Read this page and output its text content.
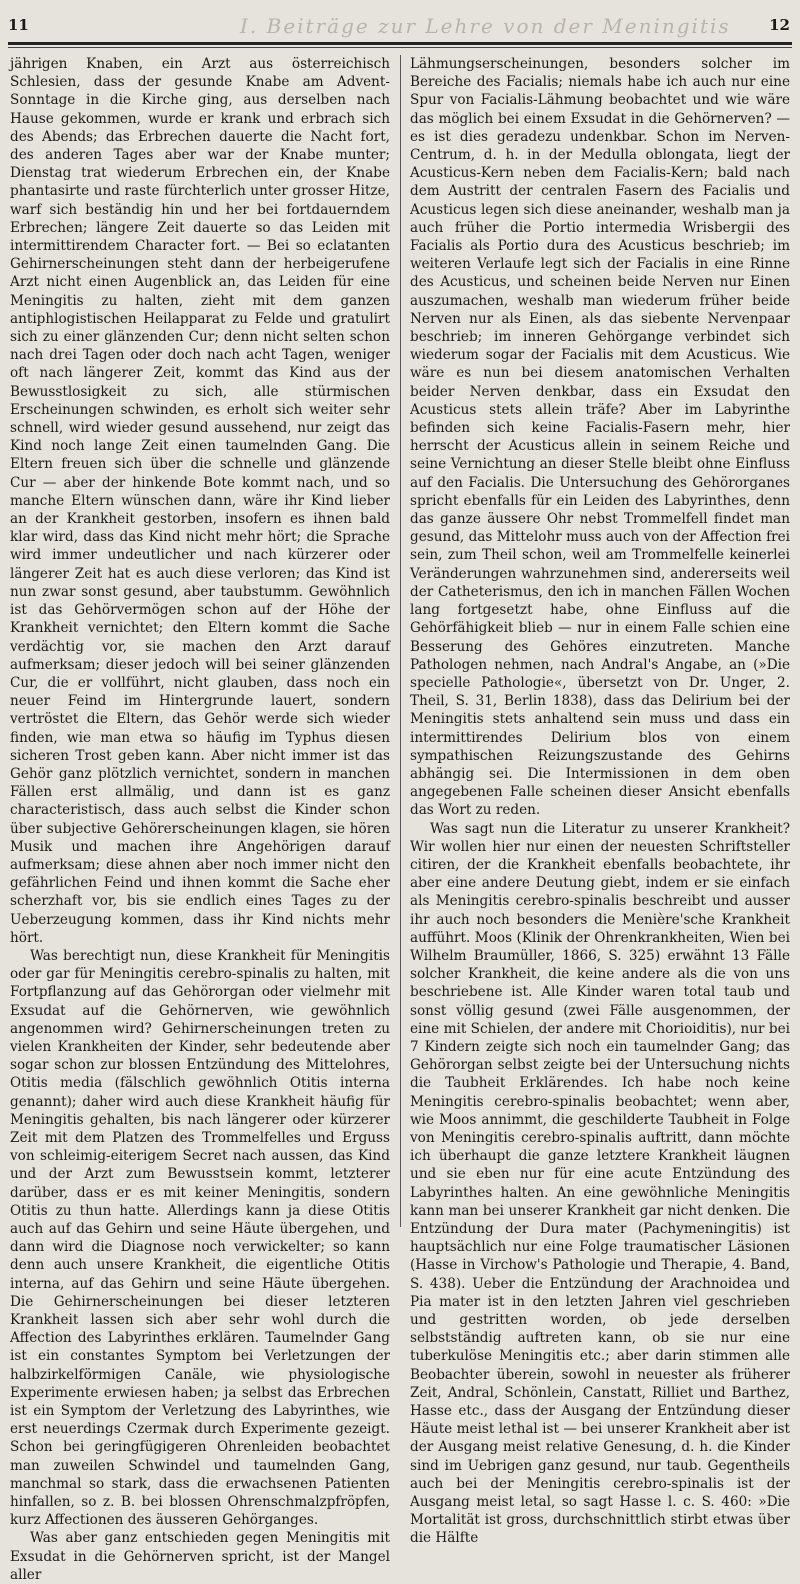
11	I. Beiträge zur Lehre von der Meningitis	12

jährigen Knaben, ein Arzt aus österreichisch Schlesien, dass der gesunde Knabe am Advent-Sonntage in die Kirche ging, aus derselben nach Hause gekommen, wurde er krank und erbrach sich des Abends; das Erbrechen dauerte die Nacht fort, des anderen Tages aber war der Knabe munter; Dienstag trat wiederum Erbrechen ein, der Knabe phantasirte und raste fürchterlich unter grosser Hitze, warf sich beständig hin und her bei fortdauerndem Erbrechen; längere Zeit dauerte so das Leiden mit intermittirendem Character fort. — Bei so eclatanten Gehirnerscheinungen steht dann der herbeigerufene Arzt nicht einen Augenblick an, das Leiden für eine Meningitis zu halten, zieht mit dem ganzen antiphlogistischen Heilapparat zu Felde und gratulirt sich zu einer glänzenden Cur; denn nicht selten schon nach drei Tagen oder doch nach acht Tagen, weniger oft nach längerer Zeit, kommt das Kind aus der Bewusstlosigkeit zu sich, alle stürmischen Erscheinungen schwinden, es erholt sich weiter sehr schnell, wird wieder gesund aussehend, nur zeigt das Kind noch lange Zeit einen taumelnden Gang. Die Eltern freuen sich über die schnelle und glänzende Cur — aber der hinkende Bote kommt nach, und so manche Eltern wünschen dann, wäre ihr Kind lieber an der Krankheit gestorben, insofern es ihnen bald klar wird, dass das Kind nicht mehr hört; die Sprache wird immer undeutlicher und nach kürzerer oder längerer Zeit hat es auch diese verloren; das Kind ist nun zwar sonst gesund, aber taubstumm. Gewöhnlich ist das Gehörvermögen schon auf der Höhe der Krankheit vernichtet; den Eltern kommt die Sache verdächtig vor, sie machen den Arzt darauf aufmerksam; dieser jedoch will bei seiner glänzenden Cur, die er vollführt, nicht glauben, dass noch ein neuer Feind im Hintergrunde lauert, sondern vertröstet die Eltern, das Gehör werde sich wieder finden, wie man etwa so häufig im Typhus diesen sicheren Trost geben kann. Aber nicht immer ist das Gehör ganz plötzlich vernichtet, sondern in manchen Fällen erst allmälig, und dann ist es ganz characteristisch, dass auch selbst die Kinder schon über subjective Gehörerscheinungen klagen, sie hören Musik und machen ihre Angehörigen darauf aufmerksam; diese ahnen aber noch immer nicht den gefährlichen Feind und ihnen kommt die Sache eher scherzhaft vor, bis sie endlich eines Tages zu der Ueberzeugung kommen, dass ihr Kind nichts mehr hört.

Was berechtigt nun, diese Krankheit für Meningitis oder gar für Meningitis cerebro-spinalis zu halten, mit Fortpflanzung auf das Gehörorgan oder vielmehr mit Exsudat auf die Gehörnerven, wie gewöhnlich angenommen wird? Gehirnerscheinungen treten zu vielen Krankheiten der Kinder, sehr bedeutende aber sogar schon zur blossen Entzündung des Mittelohres, Otitis media (fälschlich gewöhnlich Otitis interna genannt); daher wird auch diese Krankheit häufig für Meningitis gehalten, bis nach längerer oder kürzerer Zeit mit dem Platzen des Trommelfelles und Erguss von schleimig-eiterigem Secret nach aussen, das Kind und der Arzt zum Bewusstsein kommt, letzterer darüber, dass er es mit keiner Meningitis, sondern Otitis zu thun hatte. Allerdings kann ja diese Otitis auch auf das Gehirn und seine Häute übergehen, und dann wird die Diagnose noch verwickelter; so kann denn auch unsere Krankheit, die eigentliche Otitis interna, auf das Gehirn und seine Häute übergehen. Die Gehirnerscheinungen bei dieser letzteren Krankheit lassen sich aber sehr wohl durch die Affection des Labyrinthes erklären. Taumelnder Gang ist ein constantes Symptom bei Verletzungen der halbzirkelförmigen Canäle, wie physiologische Experimente erwiesen haben; ja selbst das Erbrechen ist ein Symptom der Verletzung des Labyrinthes, wie erst neuerdings Czermak durch Experimente gezeigt. Schon bei geringfügigeren Ohrenleiden beobachtet man zuweilen Schwindel und taumelnden Gang, manchmal so stark, dass die erwachsenen Patienten hinfallen, so z. B. bei blossen Ohrenschmalzpfröpfen, kurz Affectionen des äusseren Gehörganges.

Was aber ganz entschieden gegen Meningitis mit Exsudat in die Gehörnerven spricht, ist der Mangel aller

Lähmungserscheinungen, besonders solcher im Bereiche des Facialis; niemals habe ich auch nur eine Spur von Facialis-Lähmung beobachtet und wie wäre das möglich bei einem Exsudat in die Gehörnerven? — es ist dies geradezu undenkbar. Schon im Nerven-Centrum, d. h. in der Medulla oblongata, liegt der Acusticus-Kern neben dem Facialis-Kern; bald nach dem Austritt der centralen Fasern des Facialis und Acusticus legen sich diese aneinander, weshalb man ja auch früher die Portio intermedia Wrisbergii des Facialis als Portio dura des Acusticus beschrieb; im weiteren Verlaufe legt sich der Facialis in eine Rinne des Acusticus, und scheinen beide Nerven nur Einen auszumachen, weshalb man wiederum früher beide Nerven nur als Einen, als das siebente Nervenpaar beschrieb; im inneren Gehörgange verbindet sich wiederum sogar der Facialis mit dem Acusticus. Wie wäre es nun bei diesem anatomischen Verhalten beider Nerven denkbar, dass ein Exsudat den Acusticus stets allein träfe? Aber im Labyrinthe befinden sich keine Facialis-Fasern mehr, hier herrscht der Acusticus allein in seinem Reiche und seine Vernichtung an dieser Stelle bleibt ohne Einfluss auf den Facialis. Die Untersuchung des Gehörorganes spricht ebenfalls für ein Leiden des Labyrinthes, denn das ganze äussere Ohr nebst Trommelfell findet man gesund, das Mittelohr muss auch von der Affection frei sein, zum Theil schon, weil am Trommelfelle keinerlei Veränderungen wahrzunehmen sind, andererseits weil der Catheterismus, den ich in manchen Fällen Wochen lang fortgesetzt habe, ohne Einfluss auf die Gehörfähigkeit blieb — nur in einem Falle schien eine Besserung des Gehöres einzutreten. Manche Pathologen nehmen, nach Andral's Angabe, an (»Die specielle Pathologie«, übersetzt von Dr. Unger, 2. Theil, S. 31, Berlin 1838), dass das Delirium bei der Meningitis stets anhaltend sein muss und dass ein intermittirendes Delirium blos von einem sympathischen Reizungszustande des Gehirns abhängig sei. Die Intermissionen in dem oben angegebenen Falle scheinen dieser Ansicht ebenfalls das Wort zu reden.

Was sagt nun die Literatur zu unserer Krankheit? Wir wollen hier nur einen der neuesten Schriftsteller citiren, der die Krankheit ebenfalls beobachtete, ihr aber eine andere Deutung giebt, indem er sie einfach als Meningitis cerebro-spinalis beschreibt und ausser ihr auch noch besonders die Menière'sche Krankheit aufführt. Moos (Klinik der Ohrenkrankheiten, Wien bei Wilhelm Braumüller, 1866, S. 325) erwähnt 13 Fälle solcher Krankheit, die keine andere als die von uns beschriebene ist. Alle Kinder waren total taub und sonst völlig gesund (zwei Fälle ausgenommen, der eine mit Schielen, der andere mit Chorioiditis), nur bei 7 Kindern zeigte sich noch ein taumelnder Gang; das Gehörorgan selbst zeigte bei der Untersuchung nichts die Taubheit Erklärendes. Ich habe noch keine Meningitis cerebro-spinalis beobachtet; wenn aber, wie Moos annimmt, die geschilderte Taubheit in Folge von Meningitis cerebro-spinalis auftritt, dann möchte ich überhaupt die ganze letztere Krankheit läugnen und sie eben nur für eine acute Entzündung des Labyrinthes halten. An eine gewöhnliche Meningitis kann man bei unserer Krankheit gar nicht denken. Die Entzündung der Dura mater (Pachymeningitis) ist hauptsächlich nur eine Folge traumatischer Läsionen (Hasse in Virchow's Pathologie und Therapie, 4. Band, S. 438). Ueber die Entzündung der Arachnoidea und Pia mater ist in den letzten Jahren viel geschrieben und gestritten worden, ob jede derselben selbstständig auftreten kann, ob sie nur eine tuberkulöse Meningitis etc.; aber darin stimmen alle Beobachter überein, sowohl in neuester als früherer Zeit, Andral, Schönlein, Canstatt, Rilliet und Barthez, Hasse etc., dass der Ausgang der Entzündung dieser Häute meist lethal ist — bei unserer Krankheit aber ist der Ausgang meist relative Genesung, d. h. die Kinder sind im Uebrigen ganz gesund, nur taub. Gegentheils auch bei der Meningitis cerebro-spinalis ist der Ausgang meist letal, so sagt Hasse l. c. S. 460: »Die Mortalität ist gross, durchschnittlich stirbt etwas über die Hälfte
